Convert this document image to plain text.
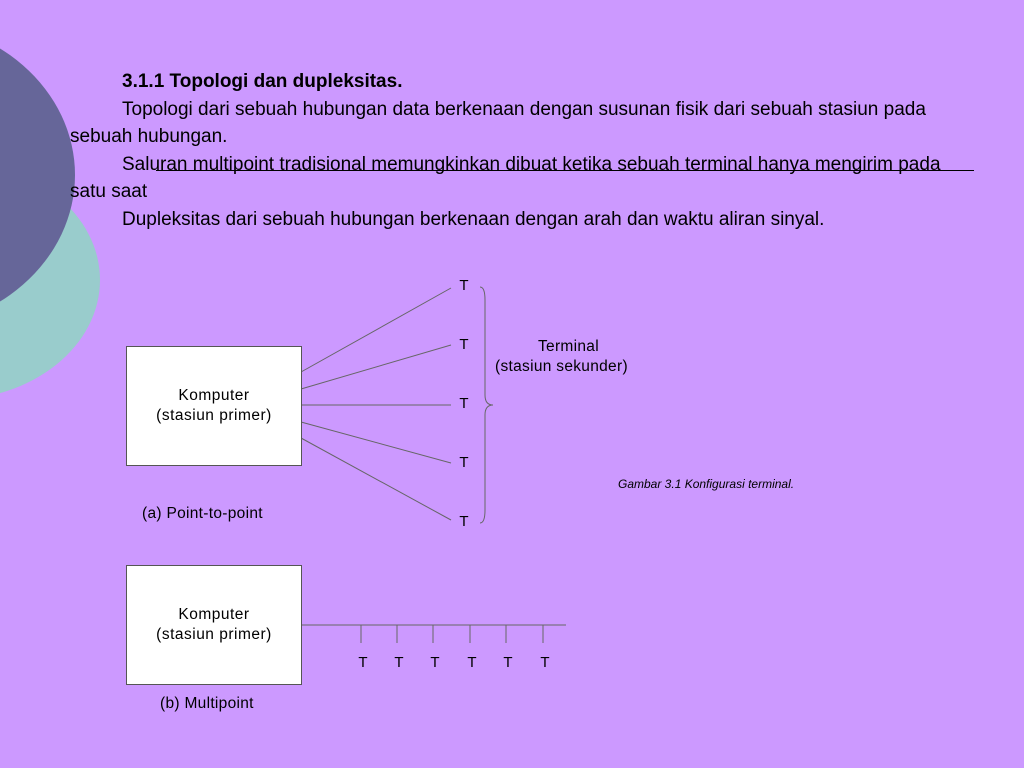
3.1.1 Topologi dan dupleksitas.

Topologi dari sebuah hubungan data berkenaan dengan susunan fisik dari sebuah stasiun pada sebuah hubungan.

Saluran multipoint tradisional memungkinkan dibuat ketika sebuah terminal hanya mengirim pada satu saat

Dupleksitas dari sebuah hubungan berkenaan dengan arah dan waktu aliran sinyal.

Komputer
(stasiun primer)
Komputer
(stasiun primer)
T
T
T
T
T
T	T	T	T	T	T
Terminal
(stasiun sekunder)
(a) Point-to-point
(b) Multipoint
Gambar 3.1 Konfigurasi terminal.
